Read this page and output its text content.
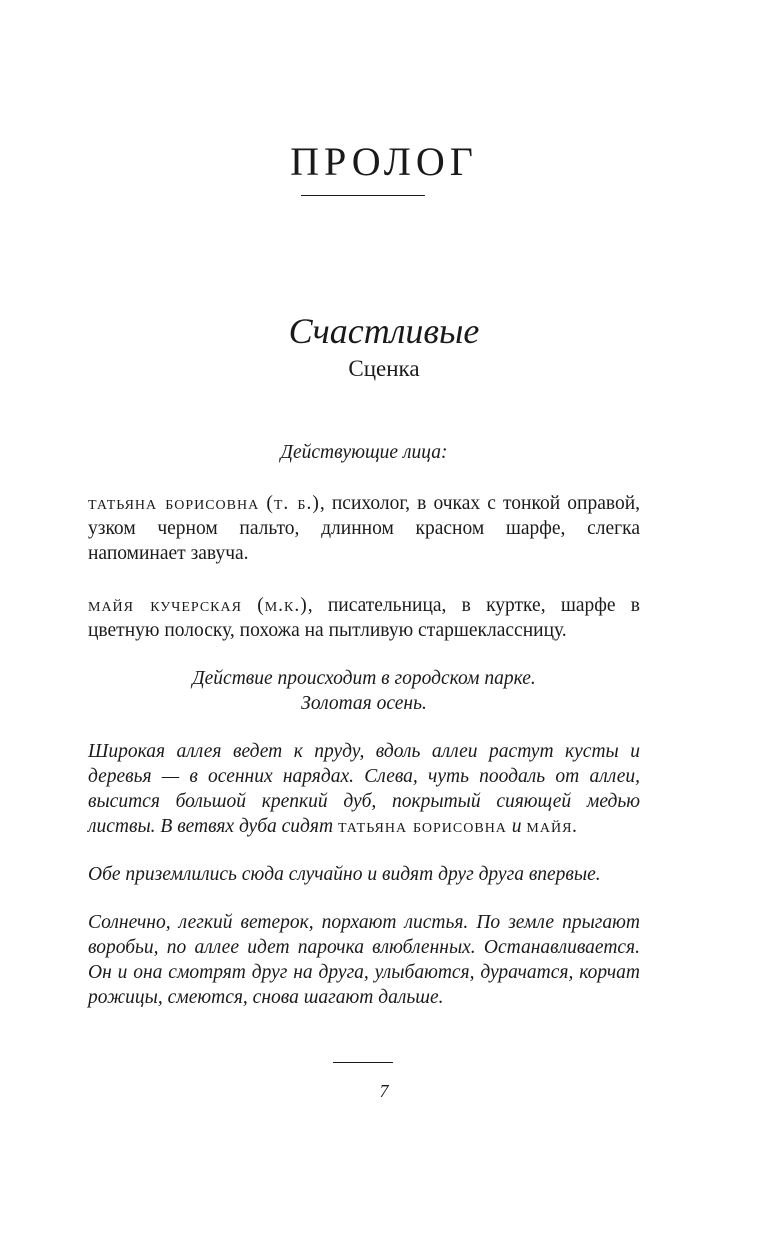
ПРОЛОГ
Счастливые
Сценка

Действующие лица:

татьяна борисовна (т. б.), психолог, в очках с тонкой оправой, узком черном пальто, длинном красном шарфе, слегка напоминает завуча.

майя кучерская (м.к.), писательница, в куртке, шарфе в цветную полоску, похожа на пытливую старшеклассницу.

Действие происходит в городском парке.
Золотая осень.

Широкая аллея ведет к пруду, вдоль аллеи растут кусты и деревья — в осенних нарядах. Слева, чуть поодаль от аллеи, высится большой крепкий дуб, покрытый сияющей медью листвы. В ветвях дуба сидят татьяна борисовна и майя.

Обе приземлились сюда случайно и видят друг друга впервые.

Солнечно, легкий ветерок, порхают листья. По земле прыгают воробьи, по аллее идет парочка влюбленных. Останавливается. Он и она смотрят друг на друга, улыбаются, дурачатся, корчат рожицы, смеются, снова шагают дальше.

7
